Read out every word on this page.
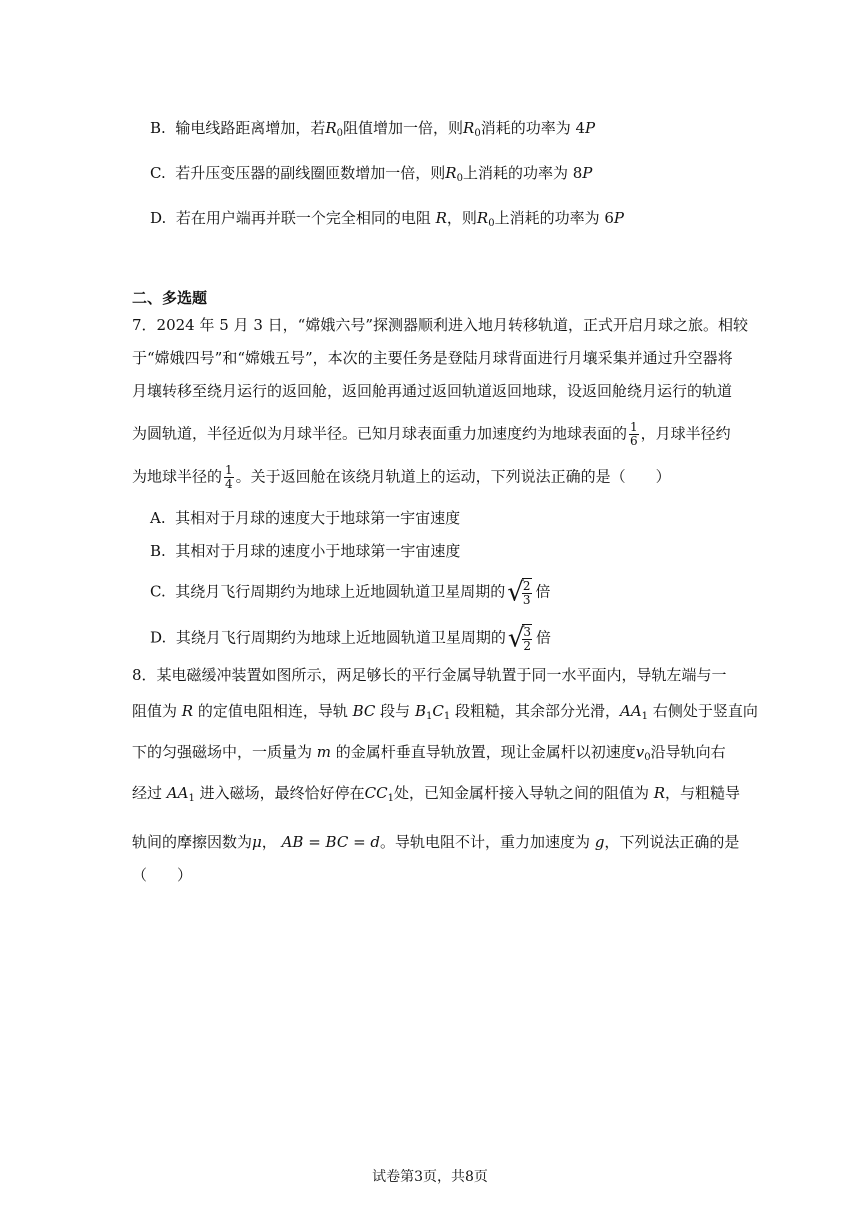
B. 输电线路距离增加，若$R_0$阻值增加一倍，则$R_0$消耗的功率为 4P
C. 若升压变压器的副线圈匝数增加一倍，则$R_0$上消耗的功率为 8P
D. 若在用户端再并联一个完全相同的电阻 R，则$R_0$上消耗的功率为 6P
二、多选题
7．2024 年 5 月 3 日，“嫦娥六号”探测器顺利进入地月转移轨道，正式开启月球之旅。相较
于“嫦娥四号”和“嫦娥五号”，本次的主要任务是登陆月球背面进行月壤采集并通过升空器将
月壤转移至绕月运行的返回舱，返回舱再通过返回轨道返回地球，设返回舱绕月运行的轨道
为圆轨道，半径近似为月球半径。已知月球表面重力加速度约为地球表面的 $\frac{1}{6}$ ，月球半径约
为地球半径的 $\frac{1}{4}$ 。关于返回舱在该绕月轨道上的运动，下列说法正确的是（　　）
A. 其相对于月球的速度大于地球第一宇宙速度
B. 其相对于月球的速度小于地球第一宇宙速度
C. 其绕月飞行周期约为地球上近地圆轨道卫星周期的√
$\frac{2}{3}$ 倍
D. 其绕月飞行周期约为地球上近地圆轨道卫星周期的√
$\frac{3}{2}$ 倍
8．某电磁缓冲装置如图所示，两足够长的平行金属导轨置于同一水平面内，导轨左端与一
阻值为 R 的定值电阻相连，导轨 BC 段与 $B_1C_1$ 段粗糙，其余部分光滑，$AA_1$ 右侧处于竖直向
下的匀强磁场中，一质量为 m 的金属杆垂直导轨放置，现让金属杆以初速度$v_0$沿导轨向右
经过 $AA_1$ 进入磁场，最终恰好停在$CC_1$处，已知金属杆接入导轨之间的阻值为 R，与粗糙导
轨间的摩擦因数为μ， AB = BC = d。导轨电阻不计，重力加速度为 g，下列说法正确的是
（　　）
试卷第3页，共8页
